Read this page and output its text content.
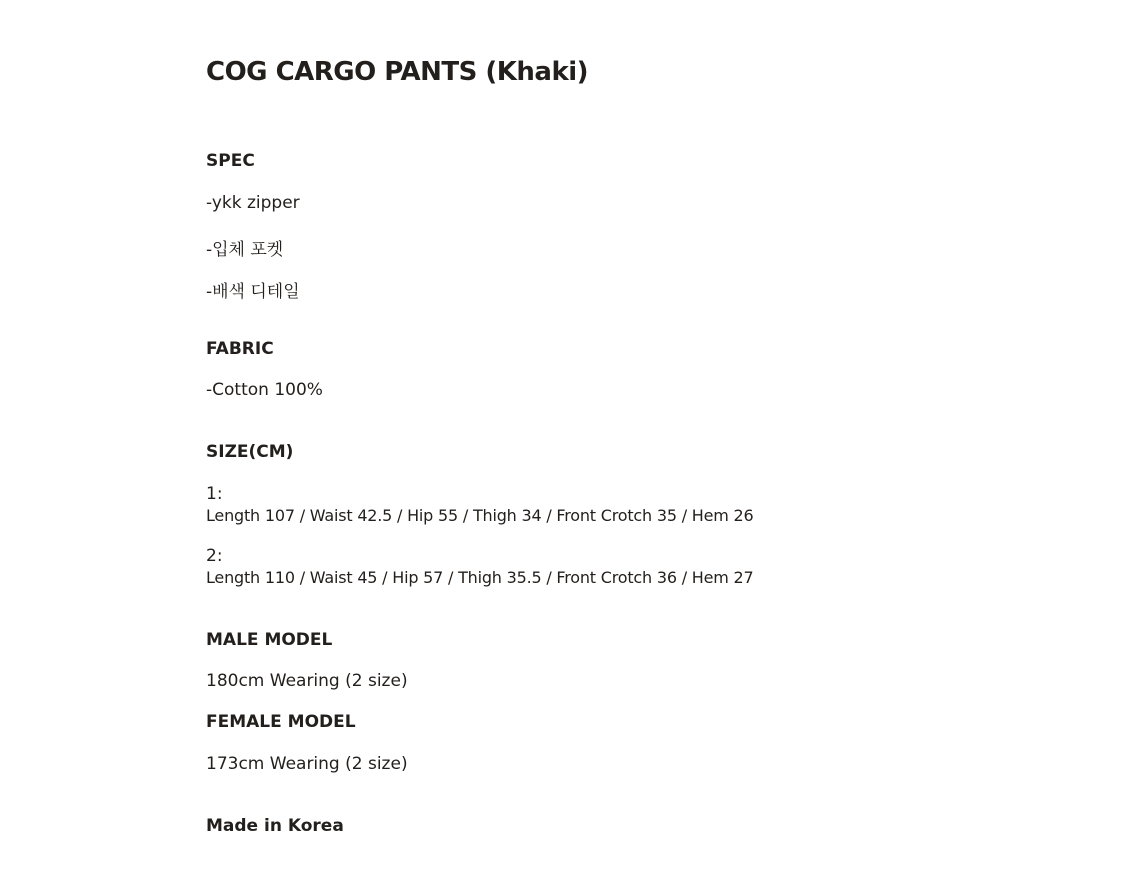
COG CARGO PANTS (Khaki)
SPEC
-ykk zipper
-입체 포켓
-배색 디테일
FABRIC
-Cotton 100%
SIZE(CM)
1:
Length 107 / Waist 42.5 / Hip 55 / Thigh 34 / Front Crotch 35 / Hem 26
2:
Length 110 / Waist 45 / Hip 57 / Thigh 35.5 / Front Crotch 36 / Hem 27
MALE MODEL
180cm Wearing (2 size)
FEMALE MODEL
173cm Wearing (2 size)
Made in Korea
